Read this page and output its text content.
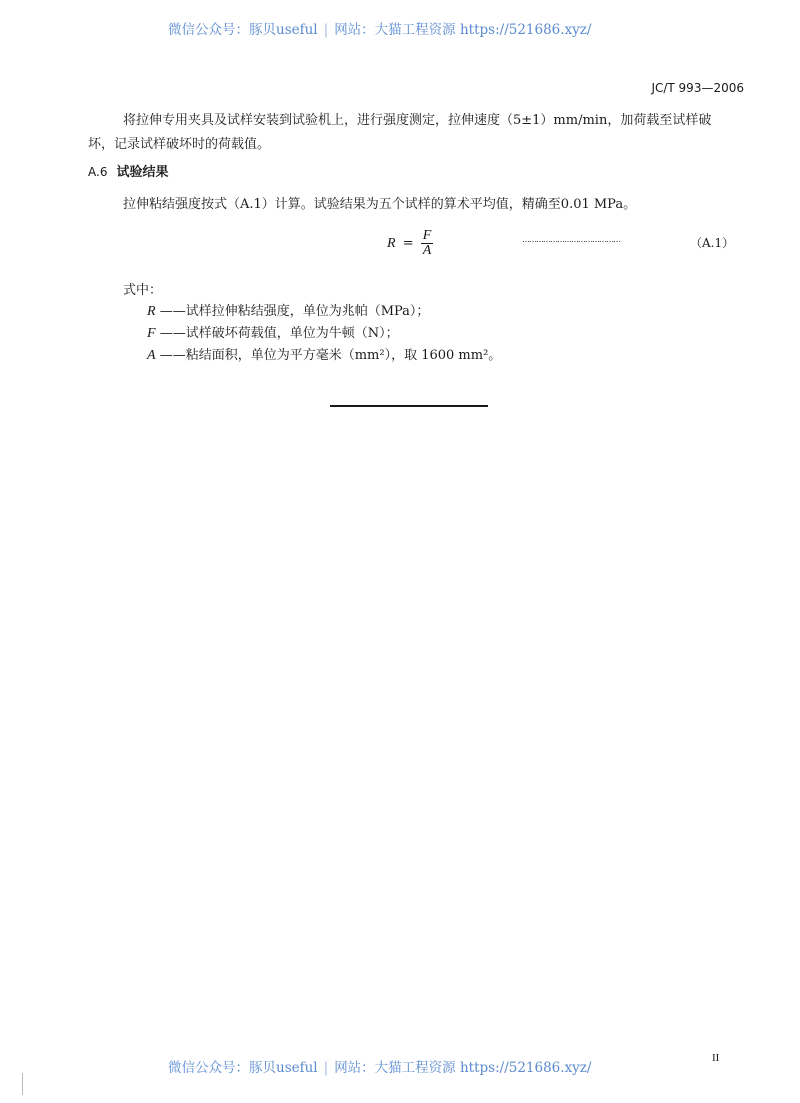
微信公众号：豚贝useful | 网站：大猫工程资源 https://521686.xyz/
JC/T 993—2006
将拉伸专用夹具及试样安装到试验机上，进行强度测定，拉伸速度（5±1）mm/min，加荷载至试样破
坏，记录试样破坏时的荷载值。
A.6 试验结果
拉伸粘结强度按式（A.1）计算。试验结果为五个试样的算术平均值，精确至0.01 MPa。
$R = \frac{F}{A}$	……………………………………	（A.1）
式中：
R ——试样拉伸粘结强度，单位为兆帕（MPa）；
F ——试样破坏荷载值，单位为牛顿（N）；
A ——粘结面积，单位为平方毫米（mm²），取 1600 mm²。
微信公众号：豚贝useful | 网站：大猫工程资源 https://521686.xyz/
II
